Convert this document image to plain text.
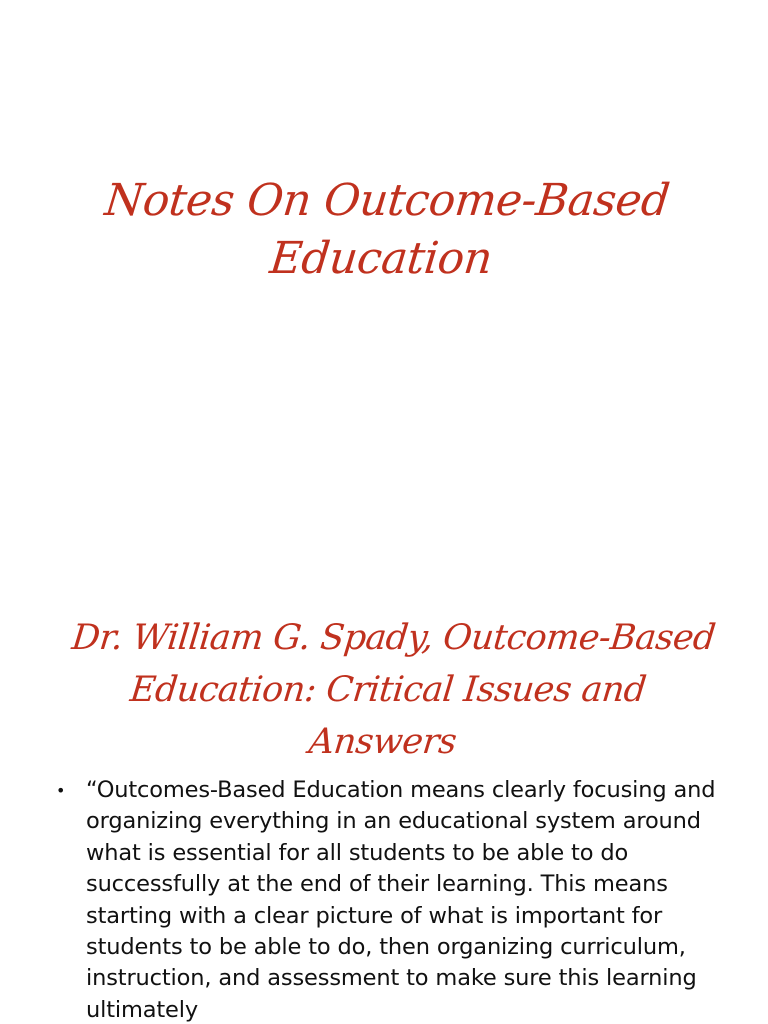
Notes On Outcome-Based Education
Dr. William G. Spady, Outcome-Based Education: Critical Issues and Answers
• “Outcomes-Based Education means clearly focusing and organizing everything in an educational system around what is essential for all students to be able to do successfully at the end of their learning. This means starting with a clear picture of what is important for students to be able to do, then organizing curriculum, instruction, and assessment to make sure this learning ultimately
